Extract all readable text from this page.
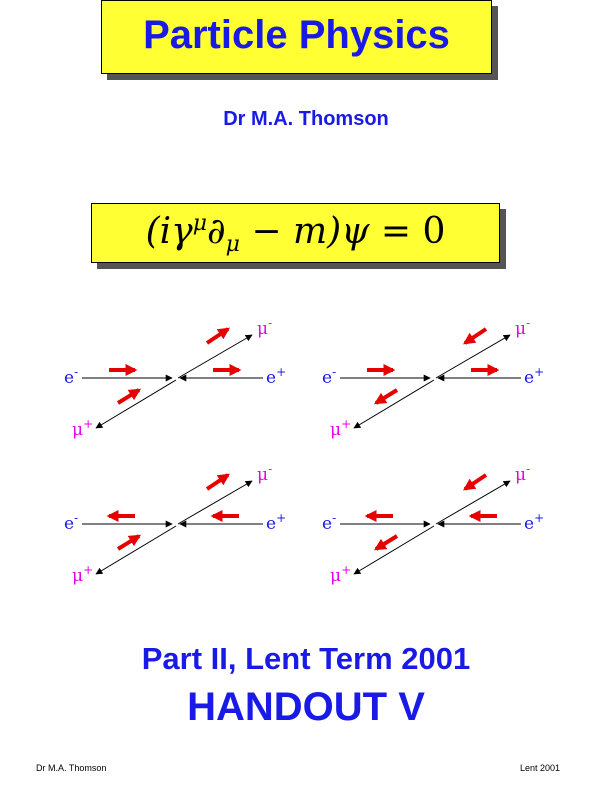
Particle Physics
Dr M.A. Thomson
$(i\gamma^\mu\partial_\mu - m)\psi = 0$
e-	e+
μ-
μ+
e-	e+
μ-
μ+
e-	e+
μ-
μ+
e-	e+
μ-
μ+
Part II, Lent Term 2001
HANDOUT V
Dr M.A. Thomson	Lent 2001
